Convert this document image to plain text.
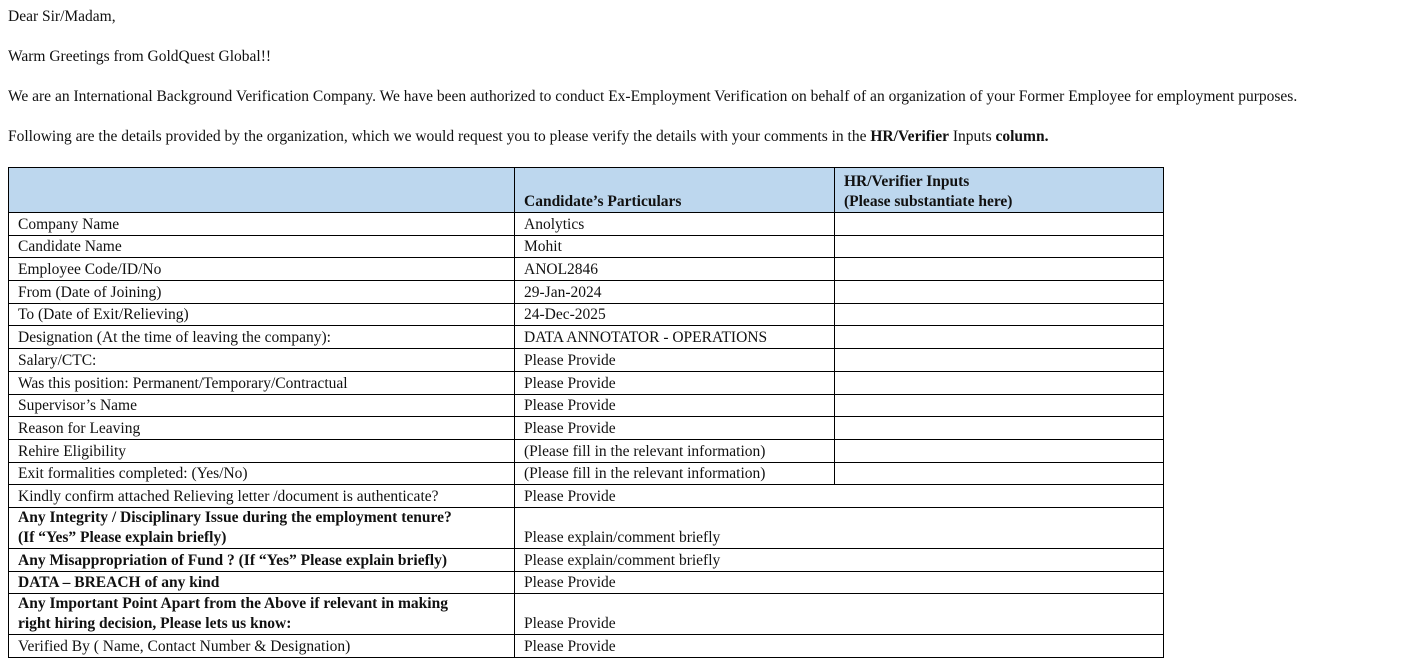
Dear Sir/Madam,

Warm Greetings from GoldQuest Global!!

We are an International Background Verification Company. We have been authorized to conduct Ex-Employment Verification on behalf of an organization of your Former Employee for employment purposes.

Following are the details provided by the organization, which we would request you to please verify the details with your comments in the HR/Verifier Inputs column.

	Candidate’s Particulars	HR/Verifier Inputs
(Please substantiate here)
Company Name	Anolytics	
Candidate Name	Mohit	
Employee Code/ID/No	ANOL2846	
From (Date of Joining)	29-Jan-2024	
To (Date of Exit/Relieving)	24-Dec-2025	
Designation (At the time of leaving the company):	DATA ANNOTATOR - OPERATIONS	
Salary/CTC:	Please Provide	
Was this position: Permanent/Temporary/Contractual	Please Provide	
Supervisor’s Name	Please Provide	
Reason for Leaving	Please Provide	
Rehire Eligibility	(Please fill in the relevant information)	
Exit formalities completed: (Yes/No)	(Please fill in the relevant information)	
Kindly confirm attached Relieving letter /document is authenticate?	Please Provide	
Any Integrity / Disciplinary Issue during the employment tenure?
(If “Yes” Please explain briefly)	Please explain/comment briefly	
Any Misappropriation of Fund ? (If “Yes” Please explain briefly)	Please explain/comment briefly	
DATA – BREACH of any kind	Please Provide	
Any Important Point Apart from the Above if relevant in making
right hiring decision, Please lets us know:	Please Provide	
Verified By ( Name, Contact Number & Designation)	Please Provide	
